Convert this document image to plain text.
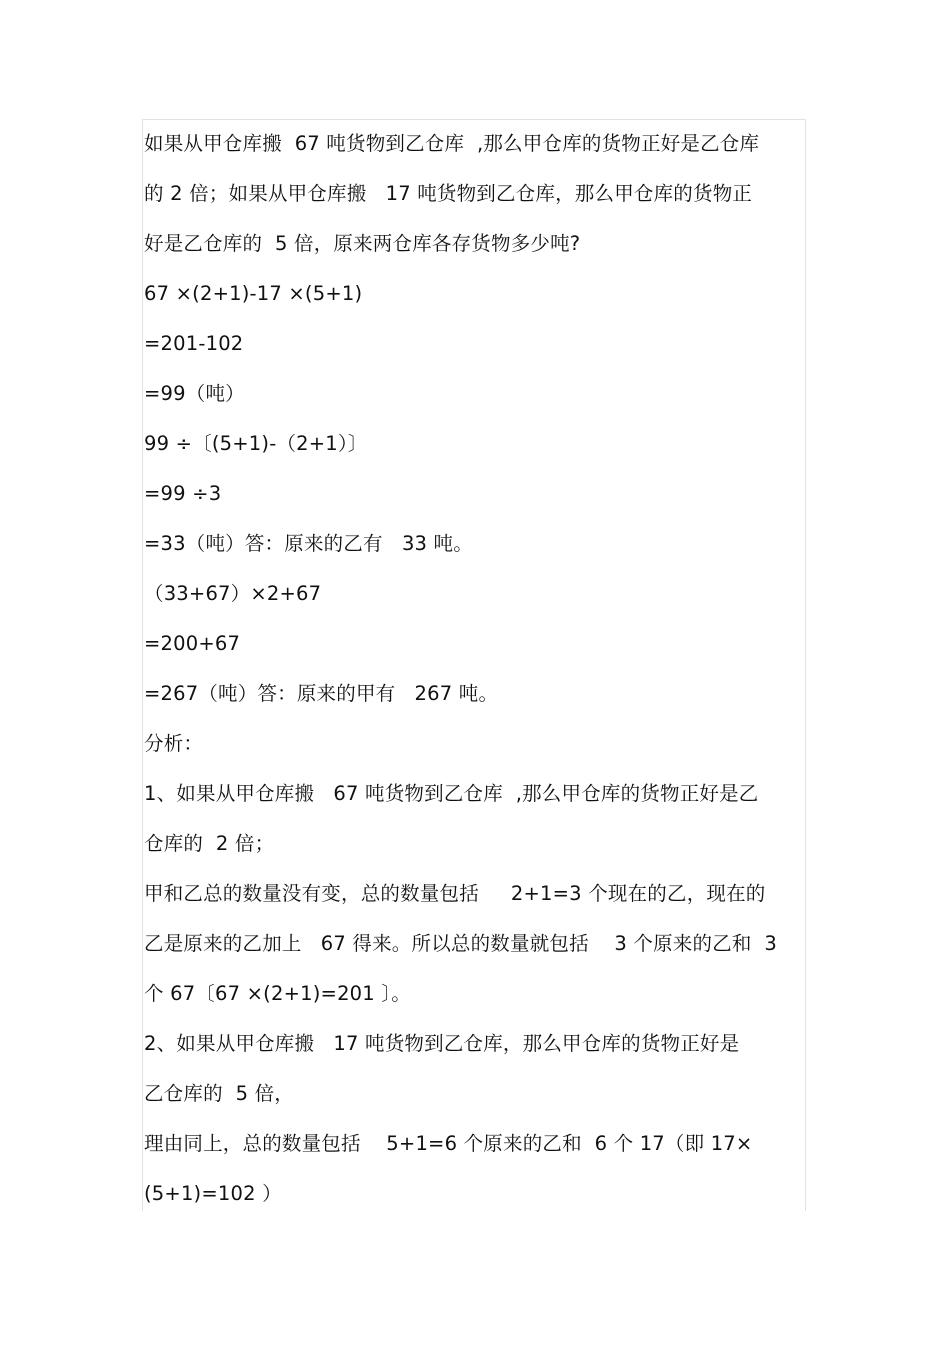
如果从甲仓库搬  67 吨货物到乙仓库  ,那么甲仓库的货物正好是乙仓库
的 2 倍；如果从甲仓库搬   17 吨货物到乙仓库，那么甲仓库的货物正
好是乙仓库的  5 倍，原来两仓库各存货物多少吨?
67 ×(2+1)-17 ×(5+1)
=201-102
=99（吨）
99 ÷〔(5+1)-（2+1）〕
=99 ÷3
=33（吨）答：原来的乙有   33 吨。
（33+67）×2+67
=200+67
=267（吨）答：原来的甲有   267 吨。
分析：
1、如果从甲仓库搬   67 吨货物到乙仓库  ,那么甲仓库的货物正好是乙
仓库的  2 倍；
甲和乙总的数量没有变，总的数量包括     2+1=3 个现在的乙，现在的
乙是原来的乙加上   67 得来。所以总的数量就包括    3 个原来的乙和  3
个 67〔67 ×(2+1)=201 〕。
2、如果从甲仓库搬   17 吨货物到乙仓库，那么甲仓库的货物正好是
乙仓库的  5 倍，
理由同上，总的数量包括    5+1=6 个原来的乙和  6 个 17（即 17×
(5+1)=102 ）
